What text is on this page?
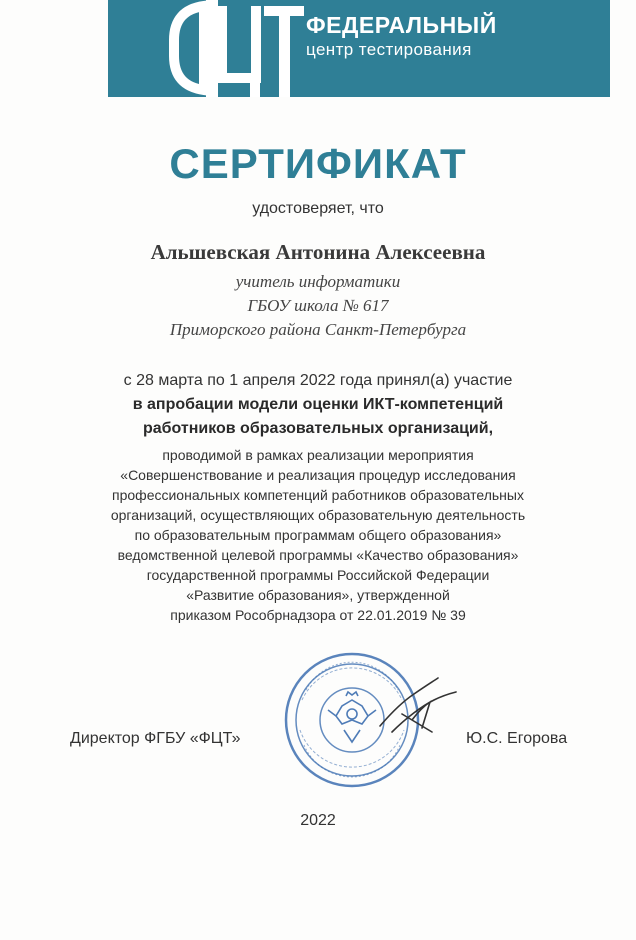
ФЕДЕРАЛЬНЫЙ
центр тестирования
СЕРТИФИКАТ
удостоверяет, что
Альшевская Антонина Алексеевна
учитель информатики
ГБОУ школа № 617
Приморского района Санкт-Петербурга
с 28 марта по 1 апреля 2022 года принял(а) участие
в апробации модели оценки ИКТ-компетенций
работников образовательных организаций,
проводимой в рамках реализации мероприятия
«Совершенствование и реализация процедур исследования
профессиональных компетенций работников образовательных
организаций, осуществляющих образовательную деятельность
по образовательным программам общего образования»
ведомственной целевой программы «Качество образования»
государственной программы Российской Федерации
«Развитие образования», утвержденной
приказом Рособрнадзора от 22.01.2019 № 39
Директор ФГБУ «ФЦТ»	Ю.С. Егорова
2022
